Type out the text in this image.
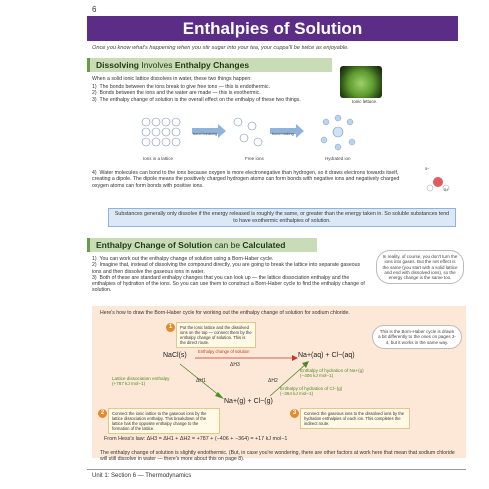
6
Enthalpies of Solution
Once you know what's happening when you stir sugar into your tea, your cuppa'll be twice as enjoyable.
Dissolving Involves Enthalpy Changes
When a solid ionic lattice dissolves in water, these two things happen:
1)  The bonds between the ions break to give free ions — this is endothermic.
2)  Bonds between the ions and the water are made — this is exothermic.
3)  The enthalpy change of solution is the overall effect on the enthalpy of these two things.	Ionic lettuce.
Ions in a lattice
bond breaking
Free ions
bond making
Hydrated ion
4)  Water molecules can bond to the ions because oxygen is more electronegative than hydrogen, so it draws electrons towards itself, creating a dipole. The dipole means the positively charged hydrogen atoms can form bonds with negative ions and negatively charged oxygen atoms can form bonds with positive ions.
δ−
δ+
Substances generally only dissolve if the energy released is roughly the same, or greater than the energy taken in. So soluble substances tend to have exothermic enthalpies of solution.
Enthalpy Change of Solution can be Calculated
1)  You can work out the enthalpy change of solution using a Born-Haber cycle.
2)  Imagine that, instead of dissolving the compound directly, you are going to break the lattice into separate gaseous ions and then dissolve the gaseous ions in water.
3)  Both of these are standard enthalpy changes that you can look up — the lattice dissociation enthalpy and the enthalpies of hydration of the ions. So you can use them to construct a Born-Haber cycle to find the enthalpy change of solution.
In reality, of course, you don't turn the ions into gases. But the net effect is the same (you start with a solid lattice and end with dissolved ions), so the energy change is the same too.
Here's how to draw the Born-Haber cycle for working out the enthalpy change of solution for sodium chloride.
1	Put the ionic lattice and the dissolved ions on the top — connect them by the enthalpy change of solution. This is the direct route.
This is the Born-Haber cycle is drawn a bit differently to the ones on pages 3-4, but it works in the same way.
NaCl(s)	Na+(aq) + Cl−(aq)
Na+(g) + Cl−(g)
Enthalpy change of solution
ΔH3
ΔH1	ΔH2
Lattice dissociation enthalpy
(+787 kJ mol−1)
Enthalpy of hydration of Na+(g)
(−406 kJ mol−1)
Enthalpy of hydration of Cl−(g)
(−364 kJ mol−1)
2	Connect the ionic lattice to the gaseous ions by the lattice dissociation enthalpy. This breakdown of the lattice has the opposite enthalpy change to the formation of the lattice.
3	Connect the gaseous ions to the dissolved ions by the hydration enthalpies of each ion. This completes the indirect route.
From Hess's law: ΔH3 = ΔH1 + ΔH2 = +787 + (−406 + −364) = +17 kJ mol−1
The enthalpy change of solution is slightly endothermic. (But, in case you're wondering, there are other factors at work here that mean that sodium chloride will still dissolve in water — there's more about this on page 8).
Unit 1: Section 6 — Thermodynamics
